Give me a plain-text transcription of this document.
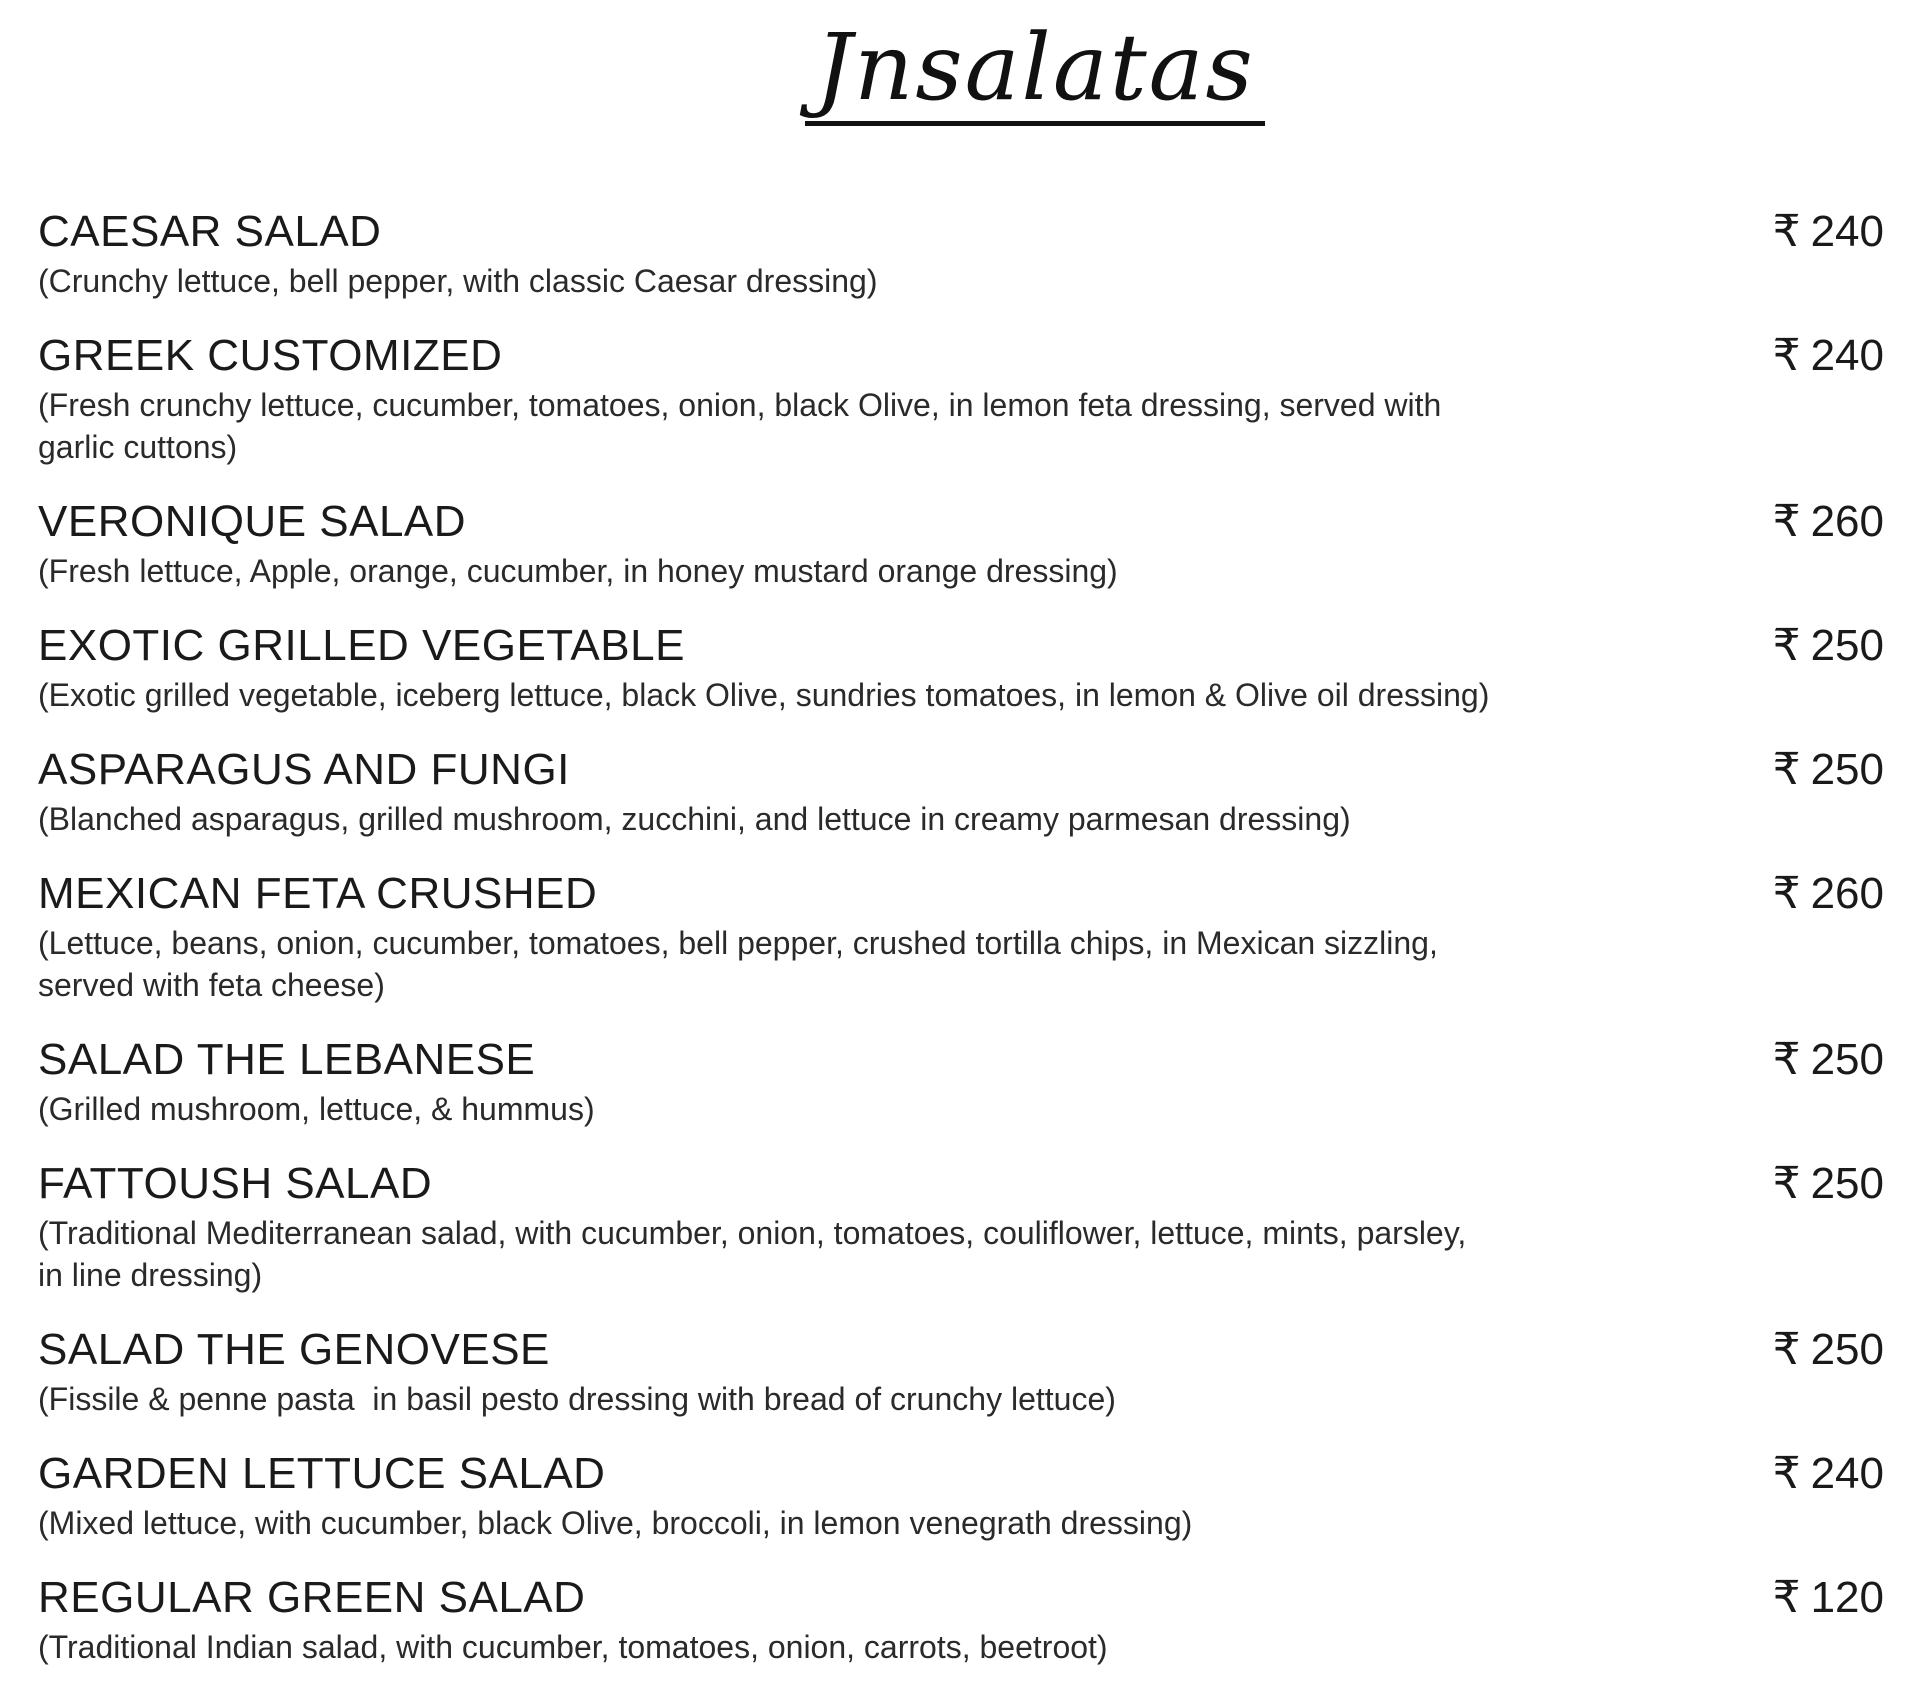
Jnsalatas
CAESAR SALAD
(Crunchy lettuce, bell pepper, with classic Caesar dressing)
₹ 240
GREEK CUSTOMIZED
(Fresh crunchy lettuce, cucumber, tomatoes, onion, black Olive, in lemon feta dressing, served with garlic cuttons)
₹ 240
VERONIQUE SALAD
(Fresh lettuce, Apple, orange, cucumber, in honey mustard orange dressing)
₹ 260
EXOTIC GRILLED VEGETABLE
(Exotic grilled vegetable, iceberg lettuce, black Olive, sundries tomatoes, in lemon & Olive oil dressing)
₹ 250
ASPARAGUS AND FUNGI
(Blanched asparagus, grilled mushroom, zucchini, and lettuce in creamy parmesan dressing)
₹ 250
MEXICAN FETA CRUSHED
(Lettuce, beans, onion, cucumber, tomatoes, bell pepper, crushed tortilla chips, in Mexican sizzling, served with feta cheese)
₹ 260
SALAD THE LEBANESE
(Grilled mushroom, lettuce, & hummus)
₹ 250
FATTOUSH SALAD
(Traditional Mediterranean salad, with cucumber, onion, tomatoes, couliflower, lettuce, mints, parsley, in line dressing)
₹ 250
SALAD THE GENOVESE
(Fissile & penne pasta  in basil pesto dressing with bread of crunchy lettuce)
₹ 250
GARDEN LETTUCE SALAD
(Mixed lettuce, with cucumber, black Olive, broccoli, in lemon venegrath dressing)
₹ 240
REGULAR GREEN SALAD
(Traditional Indian salad, with cucumber, tomatoes, onion, carrots, beetroot)
₹ 120
